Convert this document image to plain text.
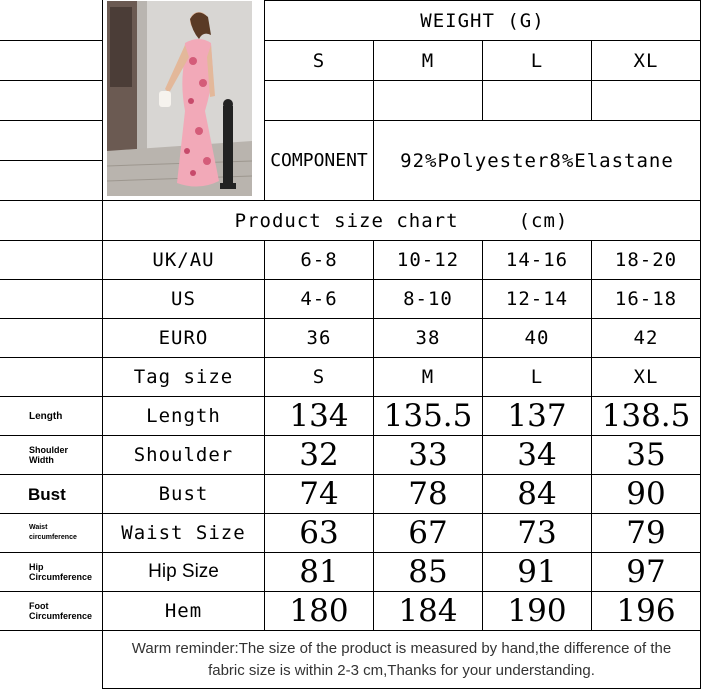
WEIGHT (G)
S	M	L	XL
COMPONENT	92%Polyester8%Elastane
Product size chart	(cm)
UK/AU	6-8	10-12	14-16	18-20
US	4-6	8-10	12-14	16-18
EURO	36	38	40	42
Tag size	S	M	L	XL
Length	Length	134	135.5	137	138.5
Shoulder Width	Shoulder	32	33	34	35
Bust	Bust	74	78	84	90
Waist circumference	Waist Size	63	67	73	79
Hip Circumference	Hip Size	81	85	91	97
Foot Circumference	Hem	180	184	190	196
Warm reminder:The size of the product is measured by hand,the difference of the fabric size is within 2-3 cm,Thanks for your understanding.
